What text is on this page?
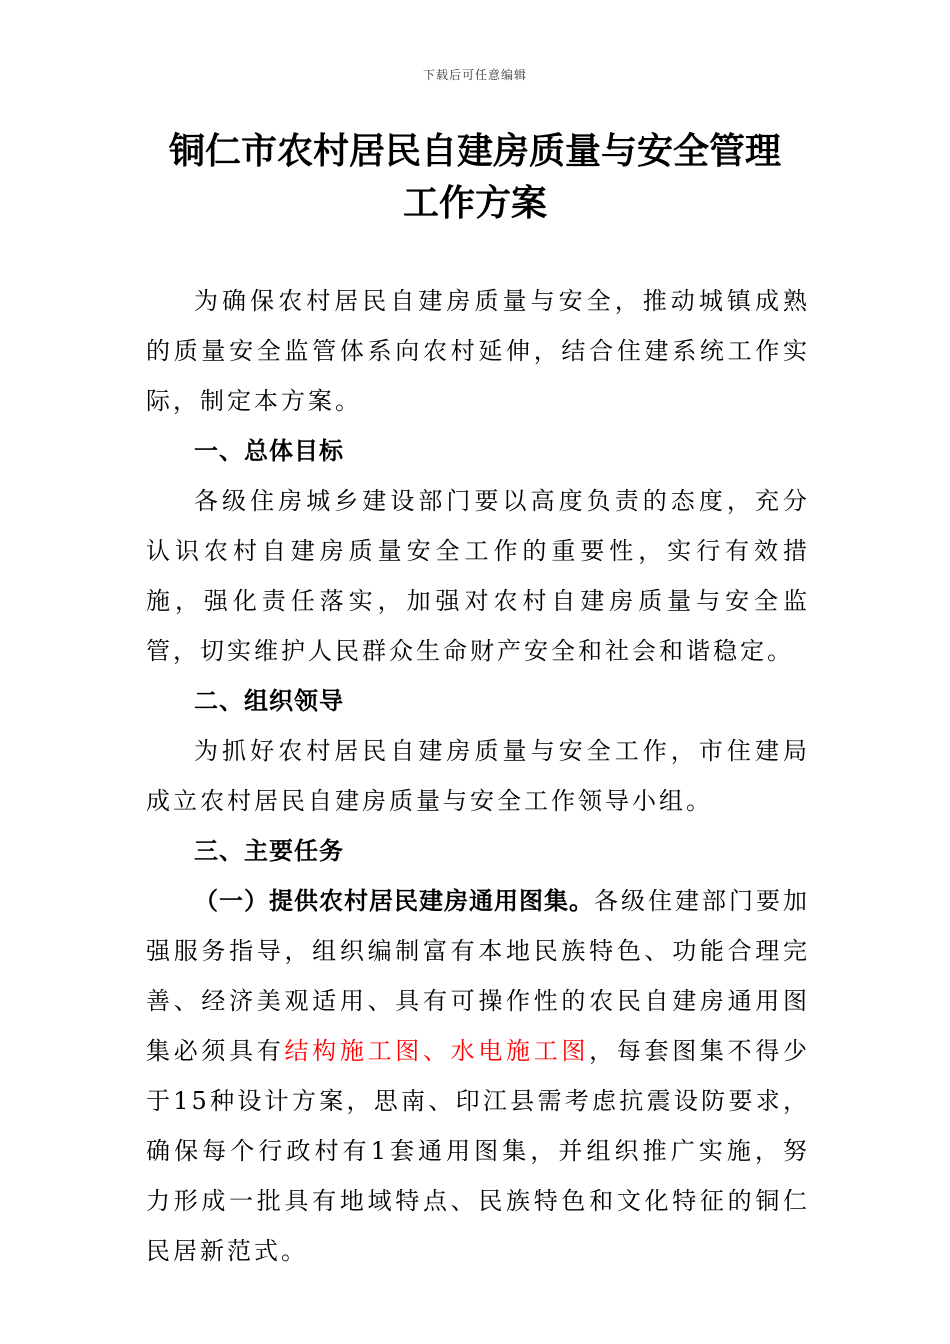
下载后可任意编辑
铜仁市农村居民自建房质量与安全管理
工作方案

为确保农村居民自建房质量与安全，推动城镇成熟的质量安全监管体系向农村延伸，结合住建系统工作实际，制定本方案。

一、总体目标

各级住房城乡建设部门要以高度负责的态度，充分认识农村自建房质量安全工作的重要性，实行有效措施，强化责任落实，加强对农村自建房质量与安全监管，切实维护人民群众生命财产安全和社会和谐稳定。

二、组织领导

为抓好农村居民自建房质量与安全工作，市住建局成立农村居民自建房质量与安全工作领导小组。

三、主要任务

（一）提供农村居民建房通用图集。各级住建部门要加强服务指导，组织编制富有本地民族特色、功能合理完善、经济美观适用、具有可操作性的农民自建房通用图集必须具有结构施工图、水电施工图，每套图集不得少于15种设计方案，思南、印江县需考虑抗震设防要求，确保每个行政村有1套通用图集，并组织推广实施，努力形成一批具有地域特点、民族特色和文化特征的铜仁民居新范式。
